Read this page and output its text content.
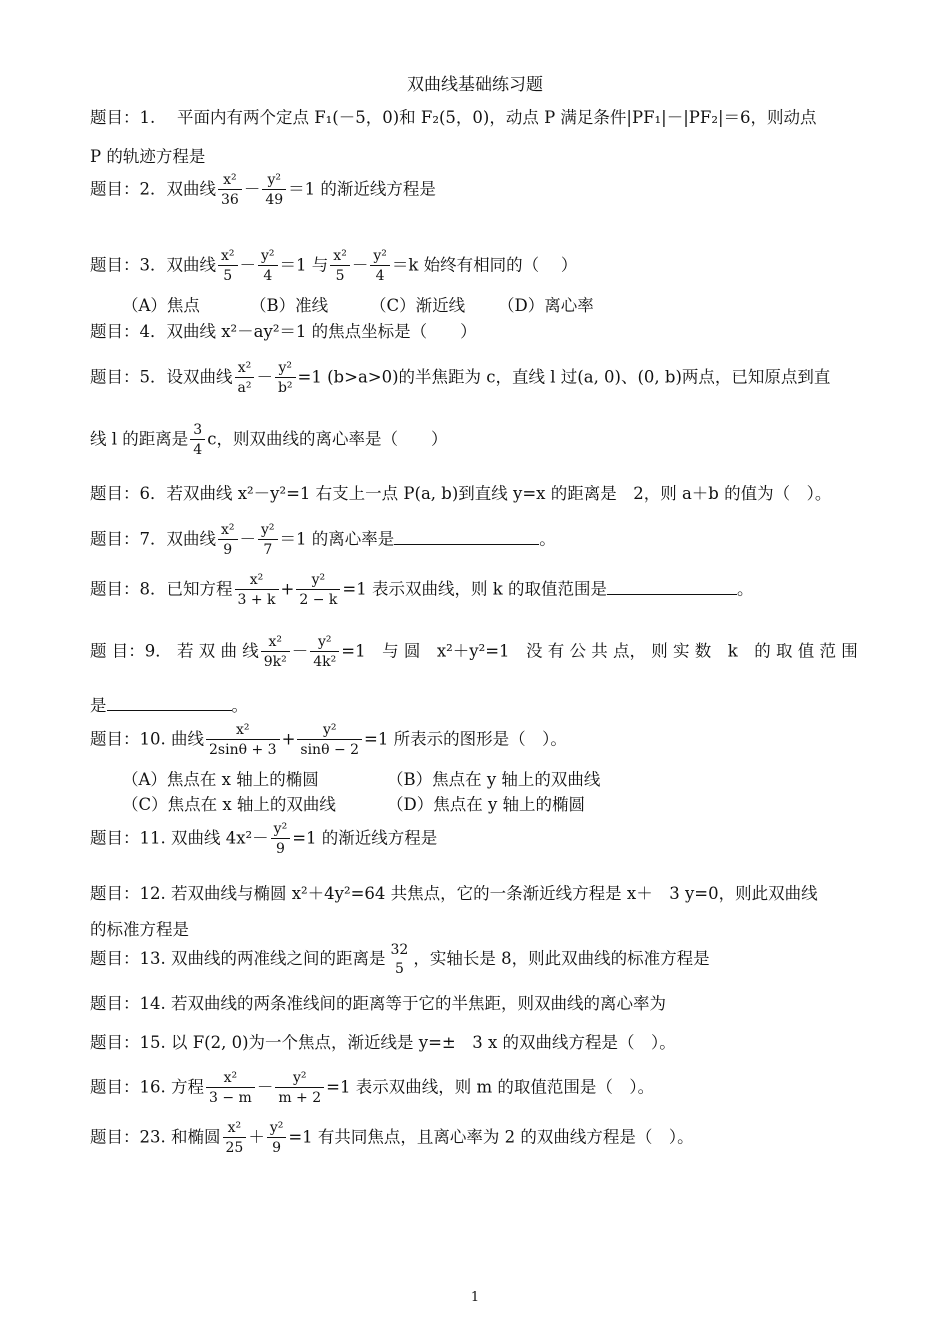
双曲线基础练习题
题目：1.　 平面内有两个定点 F₁(－5，0)和 F₂(5，0)，动点 P 满足条件|PF₁|－|PF₂|＝6，则动点
P 的轨迹方程是
题目：2．双曲线 $\frac{\text{x²}}{36} - \frac{\text{y²}}{49} =1$ 的渐近线方程是
题目：3．双曲线 $\frac{\text{x²}}{5} - \frac{\text{y²}}{4} =1$ 与 $\frac{\text{x²}}{5} - \frac{\text{y²}}{4} =k$ 始终有相同的（　 ）
（A）焦点	（B）准线	（C）渐近线 （D）离心率
题目：4．双曲线 x²－ay²＝1 的焦点坐标是（　　）
题目：5．设双曲线 $\frac{\text{x²}}{\text{a²}} - \frac{\text{y²}}{\text{b²}} =1$ (b>a>0)的半焦距为 c，直线 l 过(a, 0)、(0, b)两点，已知原点到直
线 l 的距离是 $\frac{3}{4}$ c，则双曲线的离心率是（　　）
题目：6．若双曲线 x²－y²=1 右支上一点 P(a, b)到直线 y=x 的距离是　2，则 a＋b 的值为（　）。
题目：7．双曲线 $\frac{\text{x²}}{9} - \frac{\text{y²}}{7} =1$ 的离心率是	。
题目：8．已知方程 $\frac{\text{x²}}{3 + k} + \frac{\text{y²}}{2 - k} =1$ 表示双曲线，则 k 的取值范围是	。
题 目：9． 若 双 曲 线 $\frac{\text{x²}}{\text{9k²}} - \frac{\text{y²}}{\text{4k²}} =1$　与 圆　x²＋y²=1　没 有 公 共 点， 则 实 数　k　的 取 值 范 围
是	。
题目：10. 曲线 $\frac{\text{x²}}{2\sin\theta + 3} + \frac{\text{y²}}{\sin\theta - 2} =1$ 所表示的图形是（　）。
（A）焦点在 x 轴上的椭圆	（B）焦点在 y 轴上的双曲线
（C）焦点在 x 轴上的双曲线	（D）焦点在 y 轴上的椭圆
题目：11. 双曲线 $4x^2- \frac{\text{y²}}{9} =1$ 的渐近线方程是
题目：12. 若双曲线与椭圆 x²＋4y²=64 共焦点，它的一条渐近线方程是 x＋　3 y=0，则此双曲线
的标准方程是
题目：13. 双曲线的两准线之间的距离是 32
5
，实轴长是 8，则此双曲线的标准方程是
题目：14. 若双曲线的两条准线间的距离等于它的半焦距，则双曲线的离心率为
题目：15. 以 F(2, 0)为一个焦点，渐近线是 y=±　3 x 的双曲线方程是（　）。
题目：16. 方程 $\frac{\text{x²}}{3 - m} - \frac{\text{y²}}{m + 2} =1$ 表示双曲线，则 m 的取值范围是（　）。
题目：23. 和椭圆 $\frac{\text{x²}}{25} + \frac{\text{y²}}{9} =1$ 有共同焦点，且离心率为 2 的双曲线方程是（　）。
1
